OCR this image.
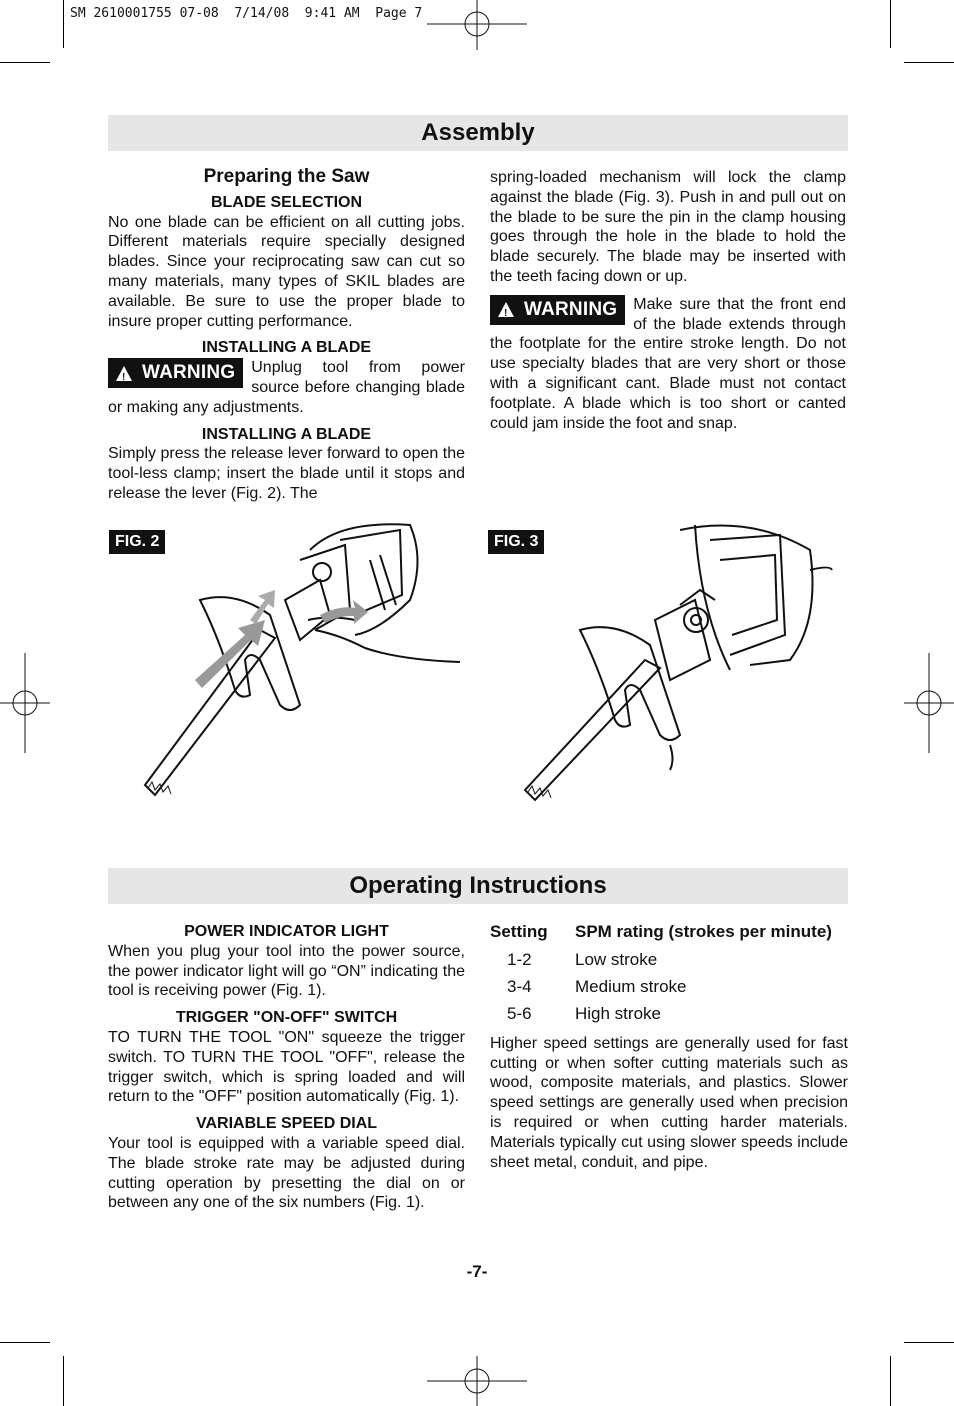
SM 2610001755 07-08  7/14/08  9:41 AM  Page 7
Assembly
Preparing the Saw

BLADE SELECTION

No one blade can be efficient on all cutting jobs. Different materials require specially designed blades. Since your reciprocating saw can cut so many materials, many types of SKIL blades are available. Be sure to use the proper blade to insure proper cutting performance.

INSTALLING A BLADE

!
WARNING Unplug tool from power source before changing blade or making any adjustments.

INSTALLING A BLADE

Simply press the release lever forward to open the tool-less clamp; insert the blade until it stops and release the lever (Fig. 2). The

spring-loaded mechanism will lock the clamp against the blade (Fig. 3). Push in and pull out on the blade to be sure the pin in the clamp housing goes through the hole in the blade to hold the blade securely. The blade may be inserted with the teeth facing down or up.

!
WARNING Make sure that the front end of the blade extends through the footplate for the entire stroke length. Do not use specialty blades that are very short or those with a significant cant. Blade must not contact footplate. A blade which is too short or canted could jam inside the foot and snap.

FIG. 2	FIG. 3
Operating Instructions

POWER INDICATOR LIGHT

When you plug your tool into the power source, the power indicator light will go “ON” indicating the tool is receiving power (Fig. 1).

TRIGGER "ON-OFF" SWITCH

TO TURN THE TOOL "ON" squeeze the trigger switch. TO TURN THE TOOL "OFF", release the trigger switch, which is spring loaded and will return to the "OFF" position automatically (Fig. 1).

VARIABLE SPEED DIAL

Your tool is equipped with a variable speed dial. The blade stroke rate may be adjusted during cutting operation by presetting the dial on or between any one of the six numbers (Fig. 1).

Setting	SPM rating (strokes per minute)
1-2	Low stroke
3-4	Medium stroke
5-6	High stroke

Higher speed settings are generally used for fast cutting or when softer cutting materials such as wood, composite materials, and plastics. Slower speed settings are generally used when precision is required or when cutting harder materials. Materials typically cut using slower speeds include sheet metal, conduit, and pipe.

-7-
